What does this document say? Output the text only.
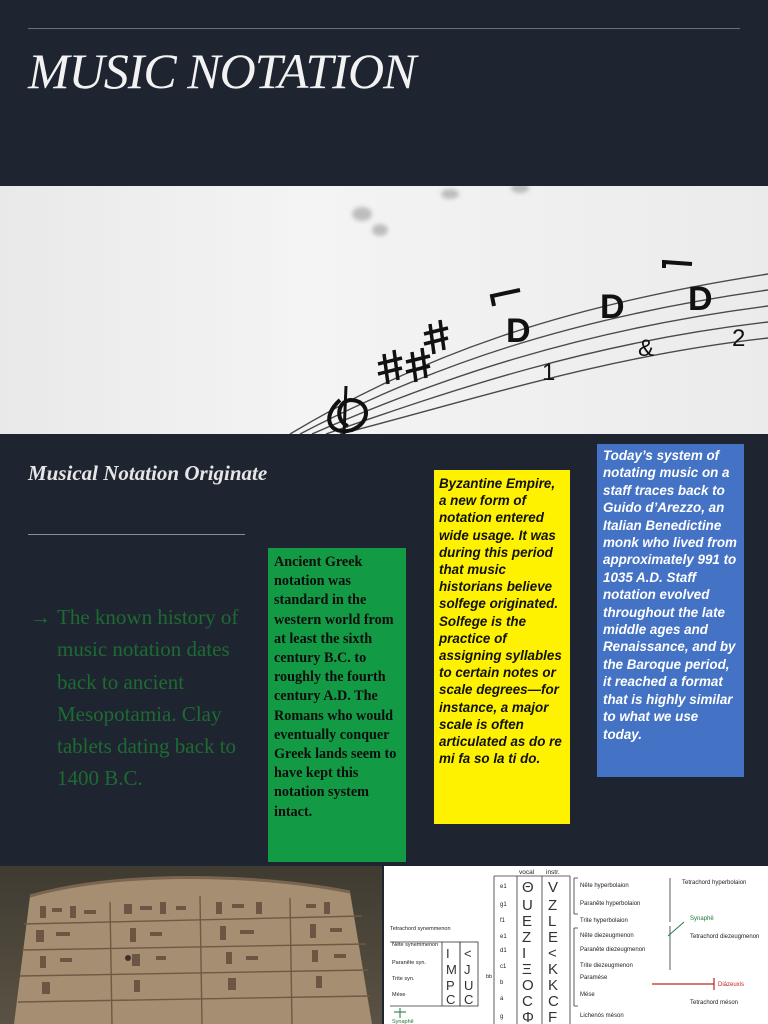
MUSIC NOTATION
D
D D
1
&	2
Musical Notation Originate
→ The known history of music notation dates back to ancient Mesopotamia. Clay tablets dating back to 1400 B.C.
Ancient Greek notation was standard in the western world from at least the sixth century B.C. to roughly the fourth century A.D. The Romans who would eventually conquer Greek lands seem to have kept this notation system intact.
Byzantine Empire, a new form of notation entered wide usage. It was during this period that music historians believe solfege originated. Solfege is the practice of assigning syllables to certain notes or scale degrees—for instance, a major scale is often articulated as do re mi fa so la ti do.
Today’s system of notating music on a staff traces back to Guido d’Arezzo, an Italian Benedictine monk who lived from approximately 991 to 1035 A.D. Staff notation evolved throughout the late middle ages and Renaissance, and by the Baroque period, it reached a format that is highly similar to what we use today.
vocal instr.
e1
g1
f1
e1
d1
c1
b
a
g
Θ
U
E
Z
I
Ξ
O
C
Φ
V
Z
L
E
<
K
K
C
F
Nête hyperbolaion
Paranête hyperbolaion
Trite hyperbolaion
Nête diezeugmenon
Paranête diezeugmenon
Trite diezeugmenon
Paramése
Mése
Lichenós méson
Tetrachord hyperbolaion
Synaphê
Tetrachord diezeugmenon
Diázeuxis
Tetrachord méson
Tetrachord synemmenon
Nête synemmenon
Paranête syn.
Trite syn.
Mése
Synaphê
bb
I
M
P
C
<
J
U
C
